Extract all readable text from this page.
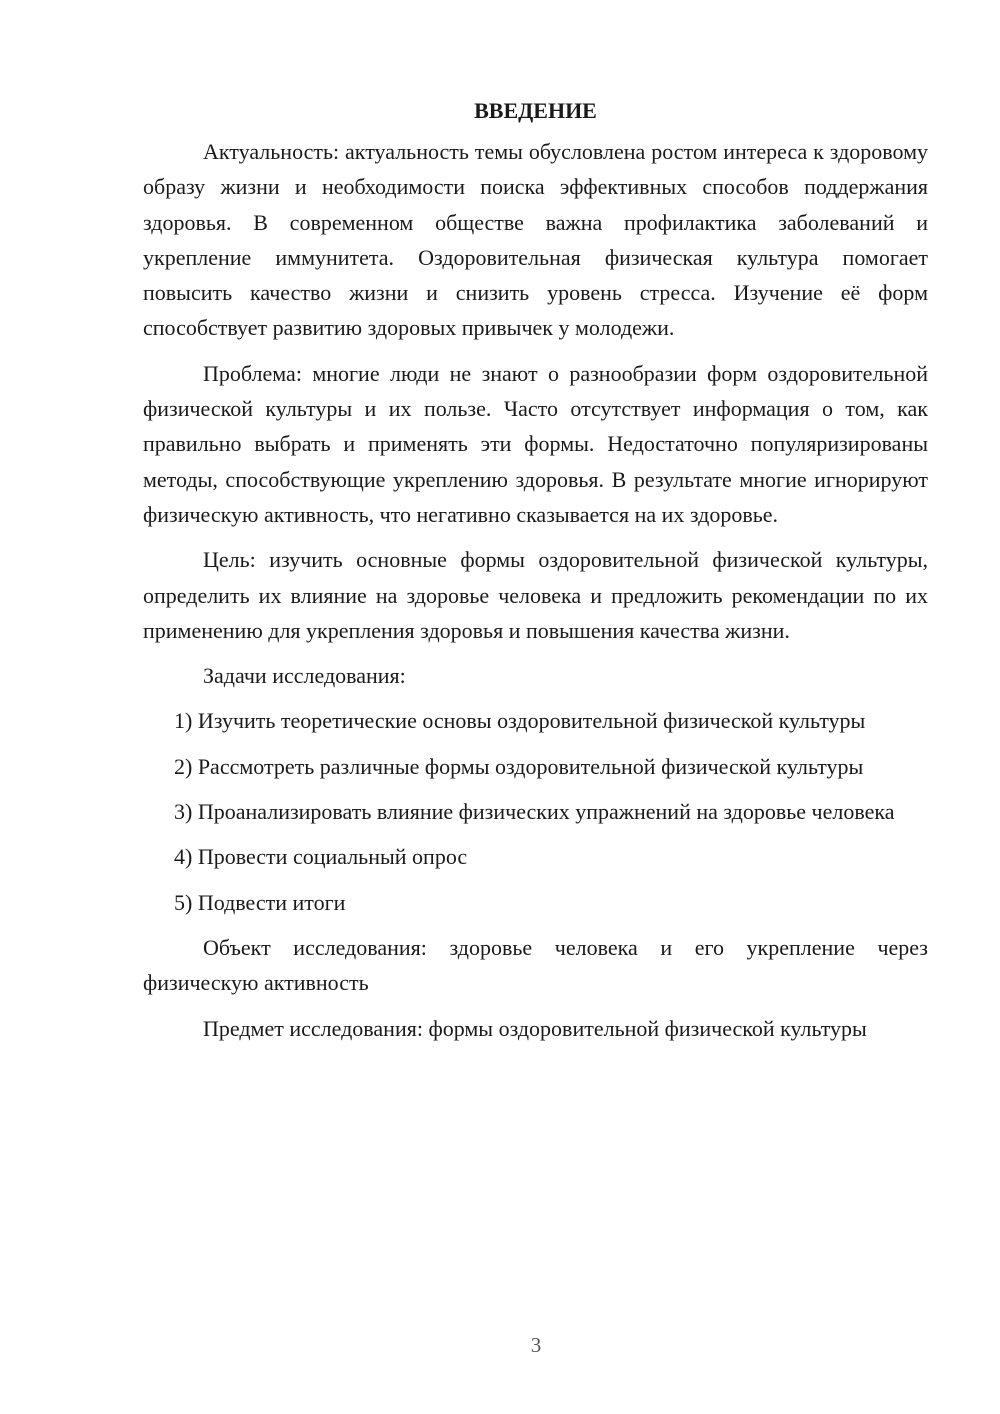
ВВЕДЕНИЕ

Актуальность: актуальность темы обусловлена ростом интереса к здоровому образу жизни и необходимости поиска эффективных способов поддержания здоровья. В современном обществе важна профилактика заболеваний и укрепление иммунитета. Оздоровительная физическая культура помогает повысить качество жизни и снизить уровень стресса. Изучение её форм способствует развитию здоровых привычек у молодежи.

Проблема: многие люди не знают о разнообразии форм оздоровительной физической культуры и их пользе. Часто отсутствует информация о том, как правильно выбрать и применять эти формы. Недостаточно популяризированы методы, способствующие укреплению здоровья. В результате многие игнорируют физическую активность, что негативно сказывается на их здоровье.

Цель: изучить основные формы оздоровительной физической культуры, определить их влияние на здоровье человека и предложить рекомендации по их применению для укрепления здоровья и повышения качества жизни.

Задачи исследования:

1) Изучить теоретические основы оздоровительной физической культуры

2) Рассмотреть различные формы оздоровительной физической культуры

3) Проанализировать влияние физических упражнений на здоровье человека

4) Провести социальный опрос

5) Подвести итоги

Объект исследования: здоровье человека и его укрепление через физическую активность

Предмет исследования: формы оздоровительной физической культуры

3
